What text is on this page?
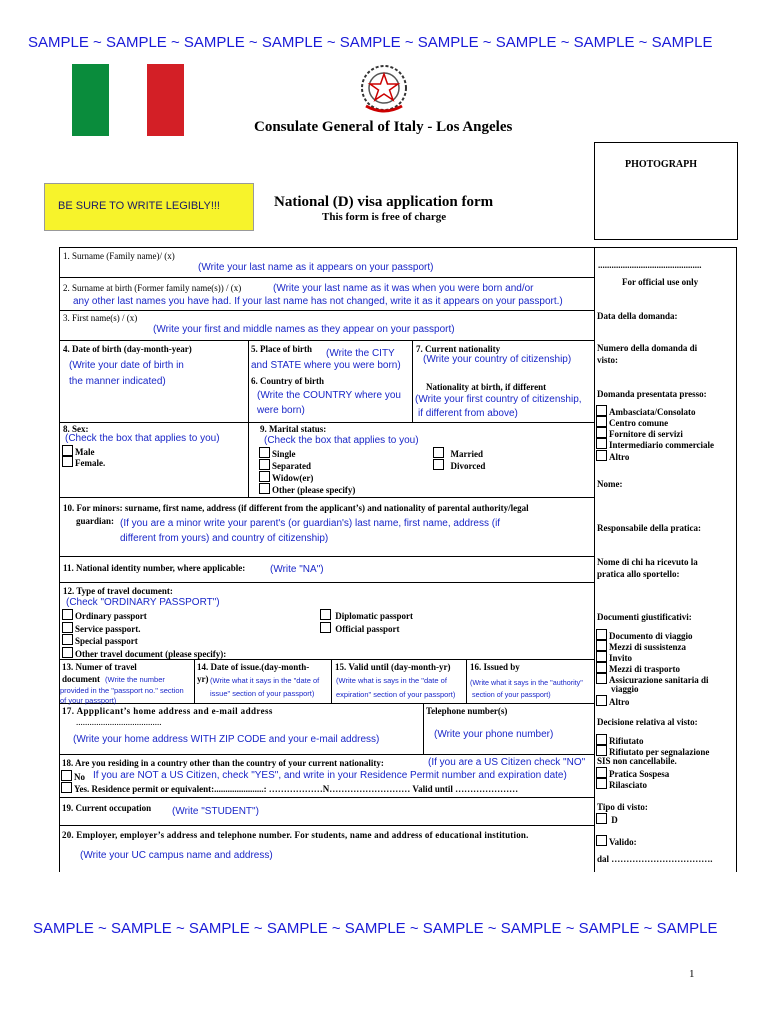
SAMPLE ~ SAMPLE ~ SAMPLE ~ SAMPLE ~ SAMPLE ~ SAMPLE ~ SAMPLE ~ SAMPLE ~ SAMPLE
Consulate General of Italy - Los Angeles
PHOTOGRAPH
BE SURE TO WRITE LEGIBLY!!!	National (D) visa application form
This form is free of charge
1. Surname (Family name)/ (x)
(Write your last name as it appears on your passport)
2. Surname at birth (Former family name(s)) / (x)	(Write your last name as it was when you were born and/or
any other last names you have had. If your last name has not changed, write it as it appears on your passport.)
3. First name(s) / (x)
(Write your first and middle names as they appear on your passport)
4. Date of birth (day-month-year)
(Write your date of birth in
the manner indicated)
5. Place of birth (Write the CITY
and STATE where you were born)
6. Country of birth
(Write the COUNTRY where you
were born)
7. Current nationality
(Write your country of citizenship)
Nationality at birth, if different
(Write your first country of citizenship,
if different from above)
8. Sex:
(Check the box that applies to you)
Male
Female.
9. Marital status:
(Check the box that applies to you)
Single
Separated
Widow(er)
Other (please specify)
Married
Divorced
10. For minors: surname, first name, address (if different from the applicant’s) and nationality of parental authority/legal
guardian: (If you are a minor write your parent's (or guardian's) last name, first name, address (if
different from yours) and country of citizenship)
11. National identity number, where applicable: (Write "NA")
12. Type of travel document:
(Check "ORDINARY PASSPORT")
Ordinary passport
Service passport.
Special passport
Other travel document (please specify):
Diplomatic passport
Official passport
13. Numer of travel
document (Write the number
provided in the "passport no." section
of your passport)
14. Date of issue.(day-month-
yr) (Write what it says in the "date of
issue" section of your passport)
15. Valid until (day-month-yr)
(Write what is says in the "date of
expiration" section of your passport)
16. Issued by
(Write what it says in the "authority"
section of your passport)
17. Appplicant’s home address and e-mail address
......................................
(Write your home address WITH ZIP CODE and your e-mail address)
Telephone number(s)
(Write your phone number)
18. Are you residing in a country other than the country of your current nationality:	(If you are a US Citizen check "NO"
No If you are NOT a US Citizen, check "YES", and write in your Residence Permit number and expiration date)
Yes. Residence permit or equivalent:......................: ………………N……………………… Valid until …………………
19. Current occupation (Write "STUDENT")
20. Employer, employer’s address and telephone number. For students, name and address of educational institution.
(Write your UC campus name and address)
..............................................
For official use only
Data della domanda:
Numero della domanda di
visto:
Domanda presentata presso:
Ambasciata/Consolato
Centro comune
Fornitore di servizi
Intermediario commerciale
Altro
Nome:
Responsabile della pratica:
Nome di chi ha ricevuto la
pratica allo sportello:
Documenti giustificativi:
Documento di viaggio
Mezzi di sussistenza
Invito
Mezzi di trasporto
Assicurazione sanitaria di
viaggio
Altro
Decisione relativa al visto:
Rifiutato
Rifiutato per segnalazione
SIS non cancellabile.
Pratica Sospesa
Rilasciato
Tipo di visto:
D
Valido:
dal …………………………….
SAMPLE ~ SAMPLE ~ SAMPLE ~ SAMPLE ~ SAMPLE ~ SAMPLE ~ SAMPLE ~ SAMPLE ~ SAMPLE
1
